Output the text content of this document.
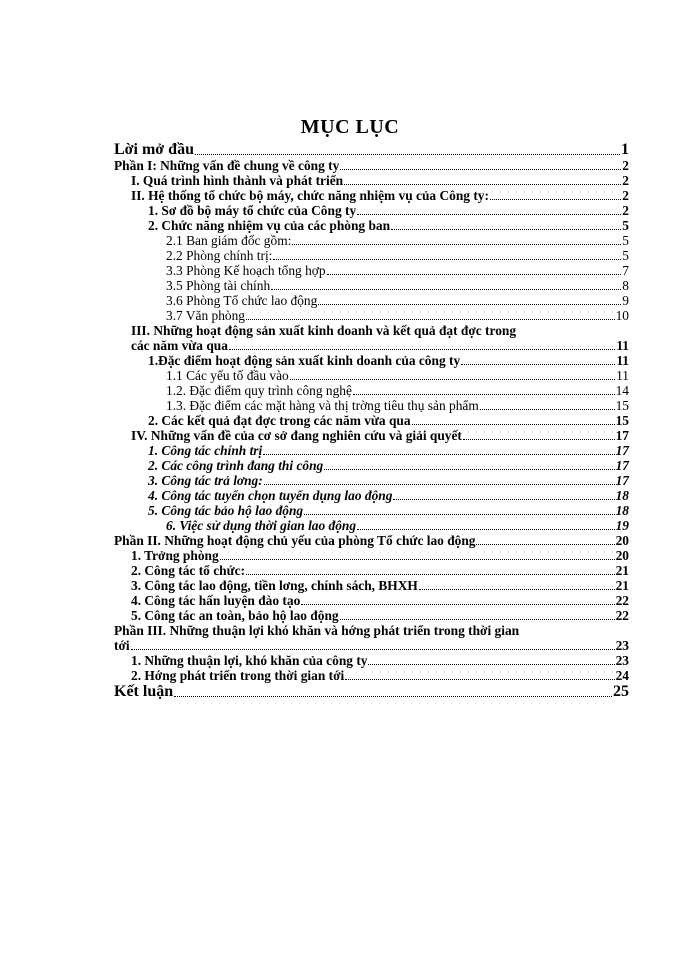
MỤC LỤC
Lời mở đầu	1
Phần I: Những vấn đề chung về công ty	2
I. Quá trình hình thành và phát triển	2
II. Hệ thống tổ chức bộ máy, chức năng nhiệm vụ của Công ty:	2
1. Sơ đồ bộ máy tổ chức của Công ty	2
2. Chức năng nhiệm vụ của các phòng ban	5
2.1 Ban giám đốc gồm:	5
2.2 Phòng chính trị:	5
3.3 Phòng Kế hoạch tổng hợp	7
3.5 Phòng tài chính	8
3.6 Phòng Tổ chức lao động	9
3.7 Văn phòng	10
III. Những hoạt động sản xuất kinh doanh và kết quả đạt đợc trong
các năm vừa qua	11
1.Đặc điểm hoạt động sản xuất kinh doanh của công ty	11
1.1 Các yếu tố đầu vào	11
1.2. Đặc điểm quy trình công nghệ	14
1.3. Đặc điểm các mặt hàng và thị trờng tiêu thụ sản phẩm	15
2. Các kết quả đạt đợc trong các năm vừa qua	15
IV. Những vấn đề của cơ sở đang nghiên cứu và giải quyết	17
1. Công tác chính trị	17
2. Các công trình đang thi công	17
3. Công tác trả lơng:	17
4. Công tác tuyển chọn tuyển dụng lao động	18
5. Công tác bảo hộ lao động	18
6. Việc sử dụng thời gian lao động	19
Phần II. Những hoạt động chủ yếu của phòng Tổ chức lao động	20
1. Trởng phòng	20
2. Công tác tổ chức:	21
3. Công tác lao động, tiền lơng, chính sách, BHXH	21
4. Công tác hấn luyện đào tạo	22
5. Công tác an toàn, bảo hộ lao động	22
Phần III. Những thuận lợi khó khăn và hớng phát triển trong thời gian
tới	23
1. Những thuận lợi, khó khăn của công ty	23
2. Hớng phát triển trong thời gian tới	24
Kết luận	25
